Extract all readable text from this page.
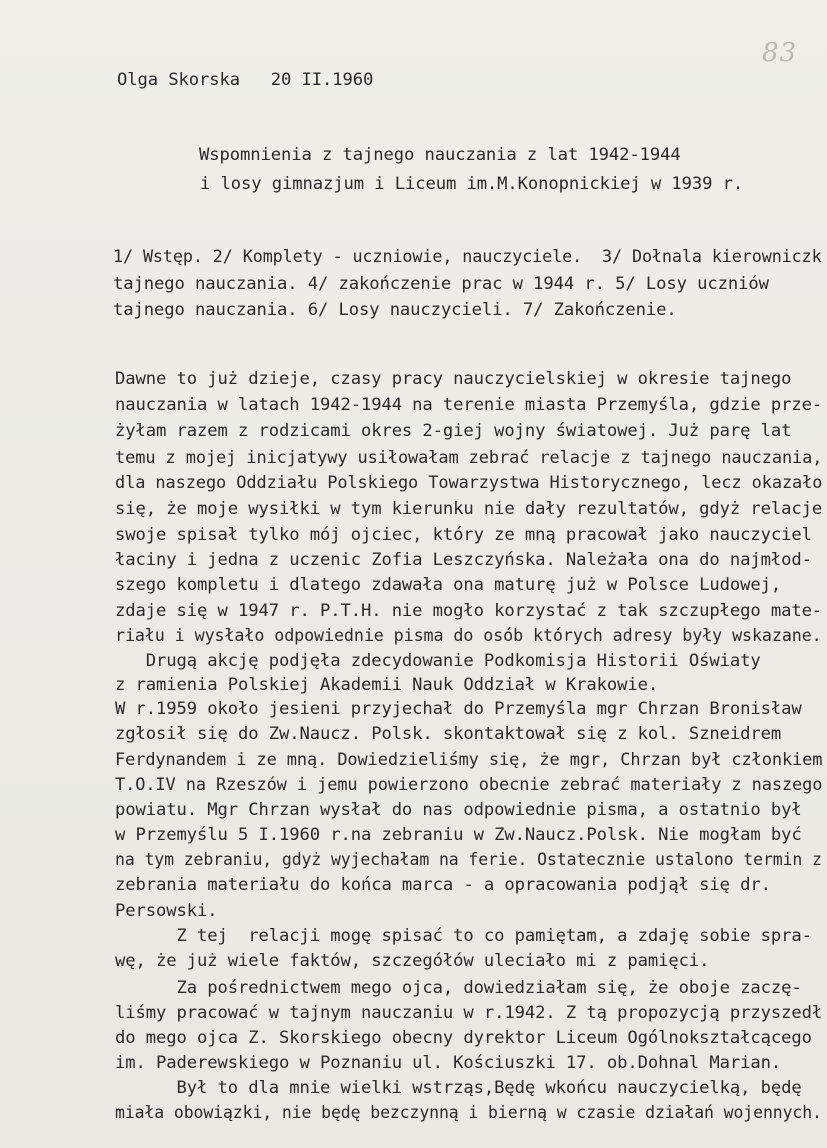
83
Olga Skorska   20 II.1960
Wspomnienia z tajnego nauczania z lat 1942-1944
i losy gimnazjum i Liceum im.M.Konopnickiej w 1939 r.
1/ Wstęp. 2/ Komplety - uczniowie, nauczyciele.  3/ Dołnala kierowniczk
tajnego nauczania. 4/ zakończenie prac w 1944 r. 5/ Losy uczniów
tajnego nauczania. 6/ Losy nauczycieli. 7/ Zakończenie.
Dawne to już dzieje, czasy pracy nauczycielskiej w okresie tajnego
nauczania w latach 1942-1944 na terenie miasta Przemyśla, gdzie prze-
żyłam razem z rodzicami okres 2-giej wojny światowej. Już parę lat
temu z mojej inicjatywy usiłowałam zebrać relacje z tajnego nauczania,
dla naszego Oddziału Polskiego Towarzystwa Historycznego, lecz okazało
się, że moje wysiłki w tym kierunku nie dały rezultatów, gdyż relacje
swoje spisał tylko mój ojciec, który ze mną pracował jako nauczyciel
łaciny i jedna z uczenic Zofia Leszczyńska. Należała ona do najmłod-
szego kompletu i dlatego zdawała ona maturę już w Polsce Ludowej,
zdaje się w 1947 r. P.T.H. nie mogło korzystać z tak szczupłego mate-
riału i wysłało odpowiednie pisma do osób których adresy były wskazane.
Drugą akcję podjęła zdecydowanie Podkomisja Historii Oświaty
z ramienia Polskiej Akademii Nauk Oddział w Krakowie.
W r.1959 około jesieni przyjechał do Przemyśla mgr Chrzan Bronisław
zgłosił się do Zw.Naucz. Polsk. skontaktował się z kol. Szneidrem
Ferdynandem i ze mną. Dowiedzieliśmy się, że mgr, Chrzan był członkiem
T.O.IV na Rzeszów i jemu powierzono obecnie zebrać materiały z naszego
powiatu. Mgr Chrzan wysłał do nas odpowiednie pisma, a ostatnio był
w Przemyślu 5 I.1960 r.na zebraniu w Zw.Naucz.Polsk. Nie mogłam być
na tym zebraniu, gdyż wyjechałam na ferie. Ostatecznie ustalono termin z
zebrania materiału do końca marca - a opracowania podjął się dr.
Persowski.
Z tej  relacji mogę spisać to co pamiętam, a zdaję sobie spra-
wę, że już wiele faktów, szczegółów uleciało mi z pamięci.
Za pośrednictwem mego ojca, dowiedziałam się, że oboje zaczę-
liśmy pracować w tajnym nauczaniu w r.1942. Z tą propozycją przyszedł
do mego ojca Z. Skorskiego obecny dyrektor Liceum Ogólnokształcącego
im. Paderewskiego w Poznaniu ul. Kościuszki 17. ob.Dohnal Marian.
Był to dla mnie wielki wstrząs,Będę wkońcu nauczycielką, będę
miała obowiązki, nie będę bezczynną i bierną w czasie działań wojennych.
